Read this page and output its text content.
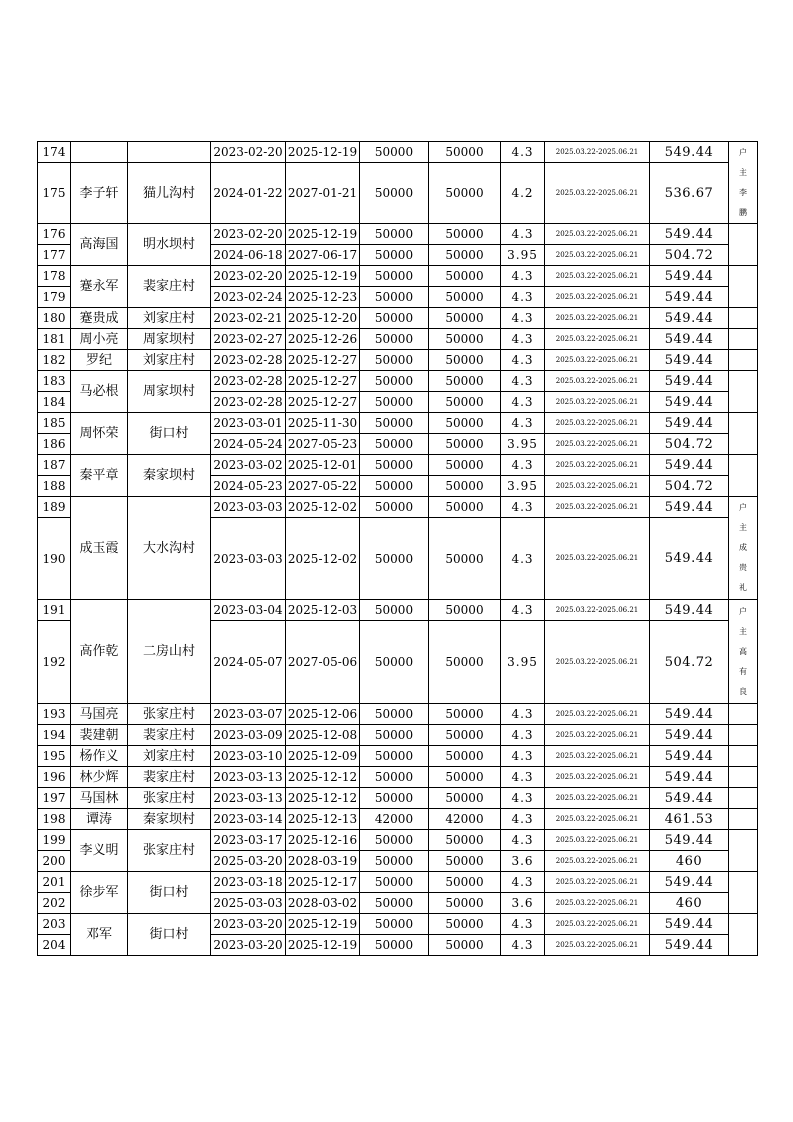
174			2023-02-20	2025-12-19	50000	50000	4.3	2025.03.22-2025.06.21	549.44	户主李鹏
175	李子轩	猫儿沟村	2024-01-22	2027-01-21	50000	50000	4.2	2025.03.22-2025.06.21	536.67	
176	高海国	明水坝村	2023-02-20	2025-12-19	50000	50000	4.3	2025.03.22-2025.06.21	549.44	
177			2024-06-18	2027-06-17	50000	50000	3.95	2025.03.22-2025.06.21	504.72	
178	蹇永军	裴家庄村	2023-02-20	2025-12-19	50000	50000	4.3	2025.03.22-2025.06.21	549.44	
179			2023-02-24	2025-12-23	50000	50000	4.3	2025.03.22-2025.06.21	549.44	
180	蹇贵成	刘家庄村	2023-02-21	2025-12-20	50000	50000	4.3	2025.03.22-2025.06.21	549.44	
181	周小亮	周家坝村	2023-02-27	2025-12-26	50000	50000	4.3	2025.03.22-2025.06.21	549.44	
182	罗纪	刘家庄村	2023-02-28	2025-12-27	50000	50000	4.3	2025.03.22-2025.06.21	549.44	
183	马必根	周家坝村	2023-02-28	2025-12-27	50000	50000	4.3	2025.03.22-2025.06.21	549.44	
184			2023-02-28	2025-12-27	50000	50000	4.3	2025.03.22-2025.06.21	549.44	
185	周怀荣	街口村	2023-03-01	2025-11-30	50000	50000	4.3	2025.03.22-2025.06.21	549.44	
186			2024-05-24	2027-05-23	50000	50000	3.95	2025.03.22-2025.06.21	504.72	
187	秦平章	秦家坝村	2023-03-02	2025-12-01	50000	50000	4.3	2025.03.22-2025.06.21	549.44	
188			2024-05-23	2027-05-22	50000	50000	3.95	2025.03.22-2025.06.21	504.72	
189	成玉霞	大水沟村	2023-03-03	2025-12-02	50000	50000	4.3	2025.03.22-2025.06.21	549.44	户主成贵礼
190			2023-03-03	2025-12-02	50000	50000	4.3	2025.03.22-2025.06.21	549.44	
191	高作乾	二房山村	2023-03-04	2025-12-03	50000	50000	4.3	2025.03.22-2025.06.21	549.44	户主高有良
192			2024-05-07	2027-05-06	50000	50000	3.95	2025.03.22-2025.06.21	504.72	
193	马国亮	张家庄村	2023-03-07	2025-12-06	50000	50000	4.3	2025.03.22-2025.06.21	549.44	
194	裴建朝	裴家庄村	2023-03-09	2025-12-08	50000	50000	4.3	2025.03.22-2025.06.21	549.44	
195	杨作义	刘家庄村	2023-03-10	2025-12-09	50000	50000	4.3	2025.03.22-2025.06.21	549.44	
196	林少辉	裴家庄村	2023-03-13	2025-12-12	50000	50000	4.3	2025.03.22-2025.06.21	549.44	
197	马国林	张家庄村	2023-03-13	2025-12-12	50000	50000	4.3	2025.03.22-2025.06.21	549.44	
198	谭涛	秦家坝村	2023-03-14	2025-12-13	42000	42000	4.3	2025.03.22-2025.06.21	461.53	
199	李义明	张家庄村	2023-03-17	2025-12-16	50000	50000	4.3	2025.03.22-2025.06.21	549.44	
200			2025-03-20	2028-03-19	50000	50000	3.6	2025.03.22-2025.06.21	460	
201	徐步军	街口村	2023-03-18	2025-12-17	50000	50000	4.3	2025.03.22-2025.06.21	549.44	
202			2025-03-03	2028-03-02	50000	50000	3.6	2025.03.22-2025.06.21	460	
203	邓军	街口村	2023-03-20	2025-12-19	50000	50000	4.3	2025.03.22-2025.06.21	549.44	
204			2023-03-20	2025-12-19	50000	50000	4.3	2025.03.22-2025.06.21	549.44	
